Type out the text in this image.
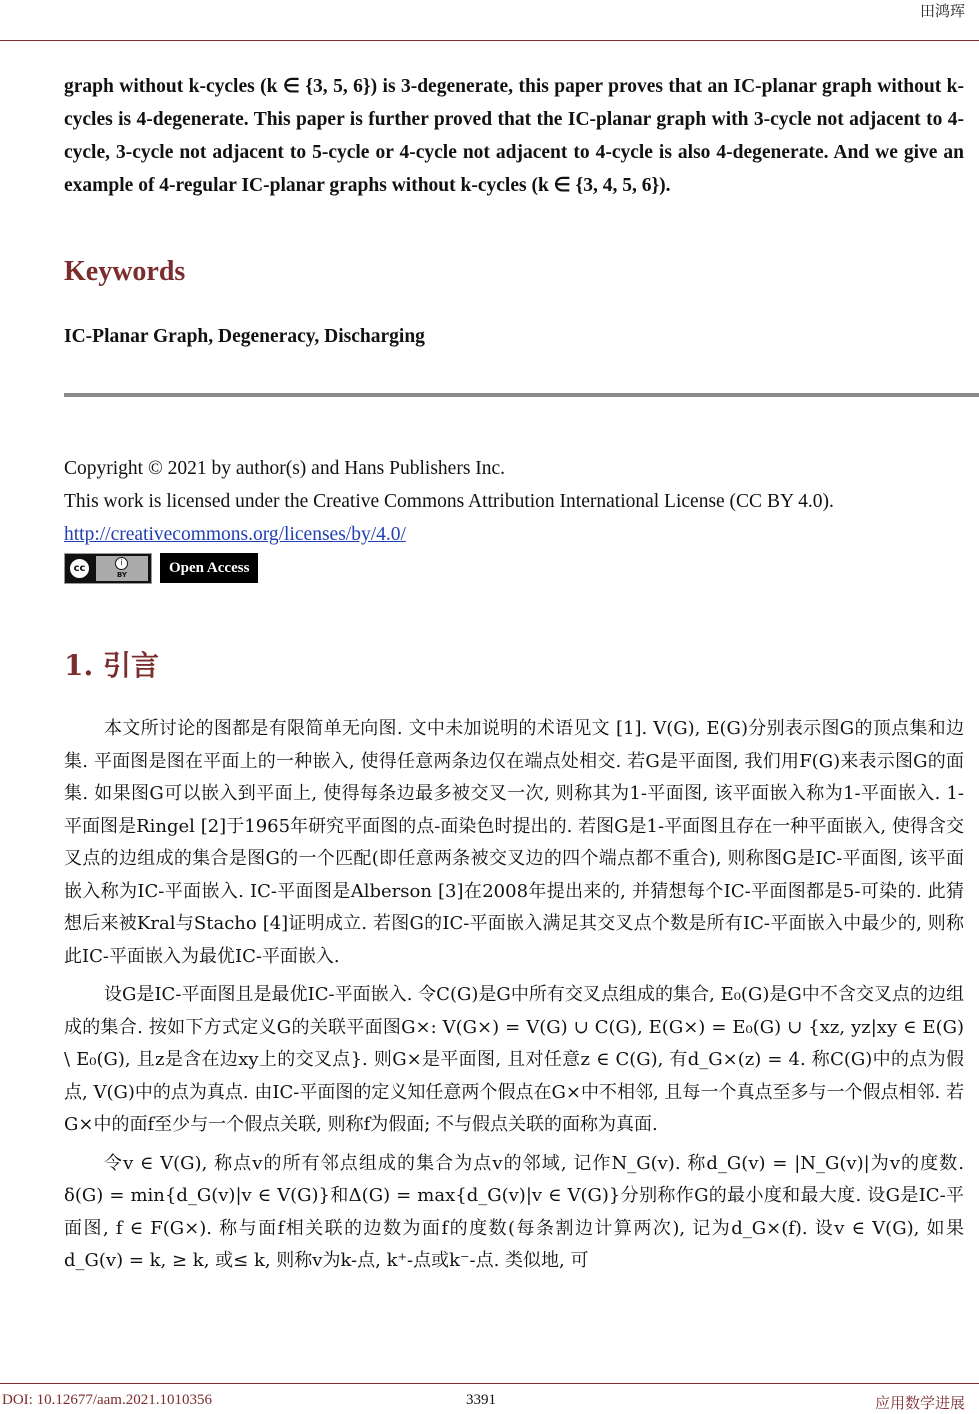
田鸿珲
graph without k-cycles (k ∈ {3, 5, 6}) is 3-degenerate, this paper proves that an IC-planar graph without k-cycles is 4-degenerate. This paper is further proved that the IC-planar graph with 3-cycle not adjacent to 4-cycle, 3-cycle not adjacent to 5-cycle or 4-cycle not adjacent to 4-cycle is also 4-degenerate. And we give an example of 4-regular IC-planar graphs without k-cycles (k ∈ {3, 4, 5, 6}).
Keywords
IC-Planar Graph, Degeneracy, Discharging
Copyright © 2021 by author(s) and Hans Publishers Inc.
This work is licensed under the Creative Commons Attribution International License (CC BY 4.0).
http://creativecommons.org/licenses/by/4.0/
cc
i
BY	Open Access
1. 引言

本文所讨论的图都是有限简单无向图. 文中未加说明的术语见文 [1]. V(G), E(G)分别表示图G的顶点集和边集. 平面图是图在平面上的一种嵌入, 使得任意两条边仅在端点处相交. 若G是平面图, 我们用F(G)来表示图G的面集. 如果图G可以嵌入到平面上, 使得每条边最多被交叉一次, 则称其为1-平面图, 该平面嵌入称为1-平面嵌入. 1- 平面图是Ringel [2]于1965年研究平面图的点-面染色时提出的. 若图G是1-平面图且存在一种平面嵌入, 使得含交叉点的边组成的集合是图G的一个匹配(即任意两条被交叉边的四个端点都不重合), 则称图G是IC-平面图, 该平面嵌入称为IC-平面嵌入. IC-平面图是Alberson [3]在2008年提出来的, 并猜想每个IC-平面图都是5-可染的. 此猜想后来被Kral与Stacho [4]证明成立. 若图G的IC-平面嵌入满足其交叉点个数是所有IC-平面嵌入中最少的, 则称此IC-平面嵌入为最优IC-平面嵌入.

设G是IC-平面图且是最优IC-平面嵌入. 令C(G)是G中所有交叉点组成的集合, E₀(G)是G中不含交叉点的边组成的集合. 按如下方式定义G的关联平面图G×: V(G×) = V(G) ∪ C(G), E(G×) = E₀(G) ∪ {xz, yz|xy ∈ E(G) \ E₀(G), 且z是含在边xy上的交叉点}. 则G×是平面图, 且对任意z ∈ C(G), 有d_G×(z) = 4. 称C(G)中的点为假点, V(G)中的点为真点. 由IC-平面图的定义知任意两个假点在G×中不相邻, 且每一个真点至多与一个假点相邻. 若G×中的面f至少与一个假点关联, 则称f为假面; 不与假点关联的面称为真面.

令v ∈ V(G), 称点v的所有邻点组成的集合为点v的邻域, 记作N_G(v). 称d_G(v) = |N_G(v)|为v的度数. δ(G) = min{d_G(v)|v ∈ V(G)}和Δ(G) = max{d_G(v)|v ∈ V(G)}分别称作G的最小度和最大度. 设G是IC-平面图, f ∈ F(G×). 称与面f相关联的边数为面f的度数(每条割边计算两次), 记为d_G×(f). 设v ∈ V(G), 如果d_G(v) = k, ≥ k, 或≤ k, 则称v为k-点, k⁺-点或k⁻-点. 类似地, 可

DOI: 10.12677/aam.2021.1010356	3391	应用数学进展
